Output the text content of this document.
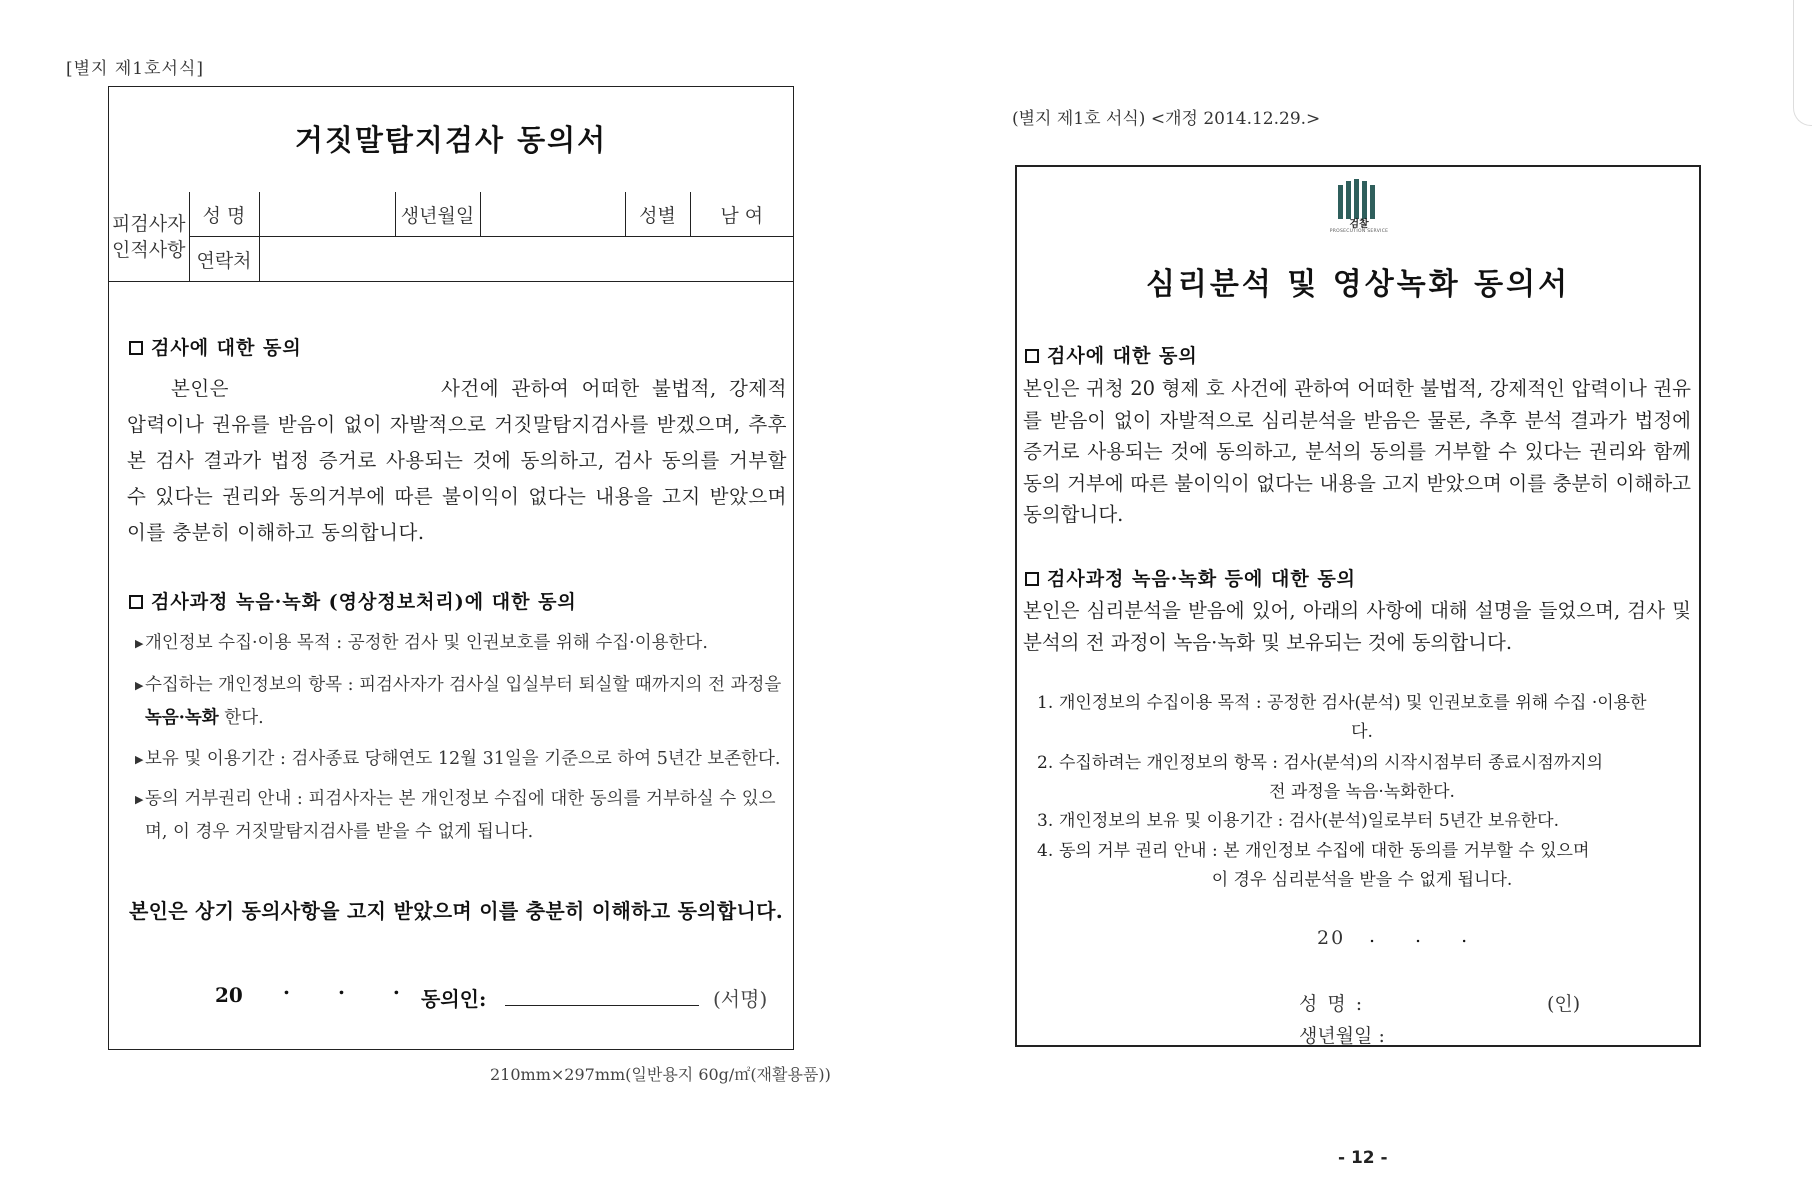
[별지 제1호서식]
거짓말탐지검사 동의서
피검사자 인적사항	성 명		생년월일		성별	남 여
	연락처					
검사에 대한 동의
본인은	사건에 관하여 어떠한 불법적, 강제적 압력이나 권유를 받음이 없이 자발적으로 거짓말탐지검사를 받겠으며, 추후 본 검사 결과가 법정 증거로 사용되는 것에 동의하고, 검사 동의를 거부할 수 있다는 권리와 동의거부에 따른 불이익이 없다는 내용을 고지 받았으며 이를 충분히 이해하고 동의합니다.
검사과정 녹음·녹화 (영상정보처리)에 대한 동의
▶ 개인정보 수집·이용 목적 : 공정한 검사 및 인권보호를 위해 수집·이용한다.
▶ 수집하는 개인정보의 항목 : 피검사자가 검사실 입실부터 퇴실할 때까지의 전 과정을 녹음·녹화 한다.
▶ 보유 및 이용기간 : 검사종료 당해연도 12월 31일을 기준으로 하여 5년간 보존한다.
▶ 동의 거부권리 안내 : 피검사자는 본 개인정보 수집에 대한 동의를 거부하실 수 있으며, 이 경우 거짓말탐지검사를 받을 수 없게 됩니다.
본인은 상기 동의사항을 고지 받았으며 이를 충분히 이해하고 동의합니다.
20 ...
동의인:	(서명)
210mm×297mm(일반용지 60g/㎡(재활용품))
(별지 제1호 서식) <개정 2014.12.29.>
검찰
PROSECUTION SERVICE
심리분석 및 영상녹화 동의서
검사에 대한 동의
본인은 귀청 20 형제 호 사건에 관하여 어떠한 불법적, 강제적인 압력이나 권유를 받음이 없이 자발적으로 심리분석을 받음은 물론, 추후 분석 결과가 법정에 증거로 사용되는 것에 동의하고, 분석의 동의를 거부할 수 있다는 권리와 함께 동의 거부에 따른 불이익이 없다는 내용을 고지 받았으며 이를 충분히 이해하고 동의합니다.
검사과정 녹음·녹화 등에 대한 동의
본인은 심리분석을 받음에 있어, 아래의 사항에 대해 설명을 들었으며, 검사 및 분석의 전 과정이 녹음·녹화 및 보유되는 것에 동의합니다.
1. 개인정보의 수집이용 목적 : 공정한 검사(분석) 및 인권보호를 위해 수집 ·이용한
다.
2. 수집하려는 개인정보의 항목 : 검사(분석)의 시작시점부터 종료시점까지의
전 과정을 녹음·녹화한다.
3. 개인정보의 보유 및 이용기간 : 검사(분석)일로부터 5년간 보유한다.
4. 동의 거부 권리 안내 : 본 개인정보 수집에 대한 동의를 거부할 수 있으며
이 경우 심리분석을 받을 수 없게 됩니다.
20 ...
성 명 :	(인)
생년월일 :
- 12 -
